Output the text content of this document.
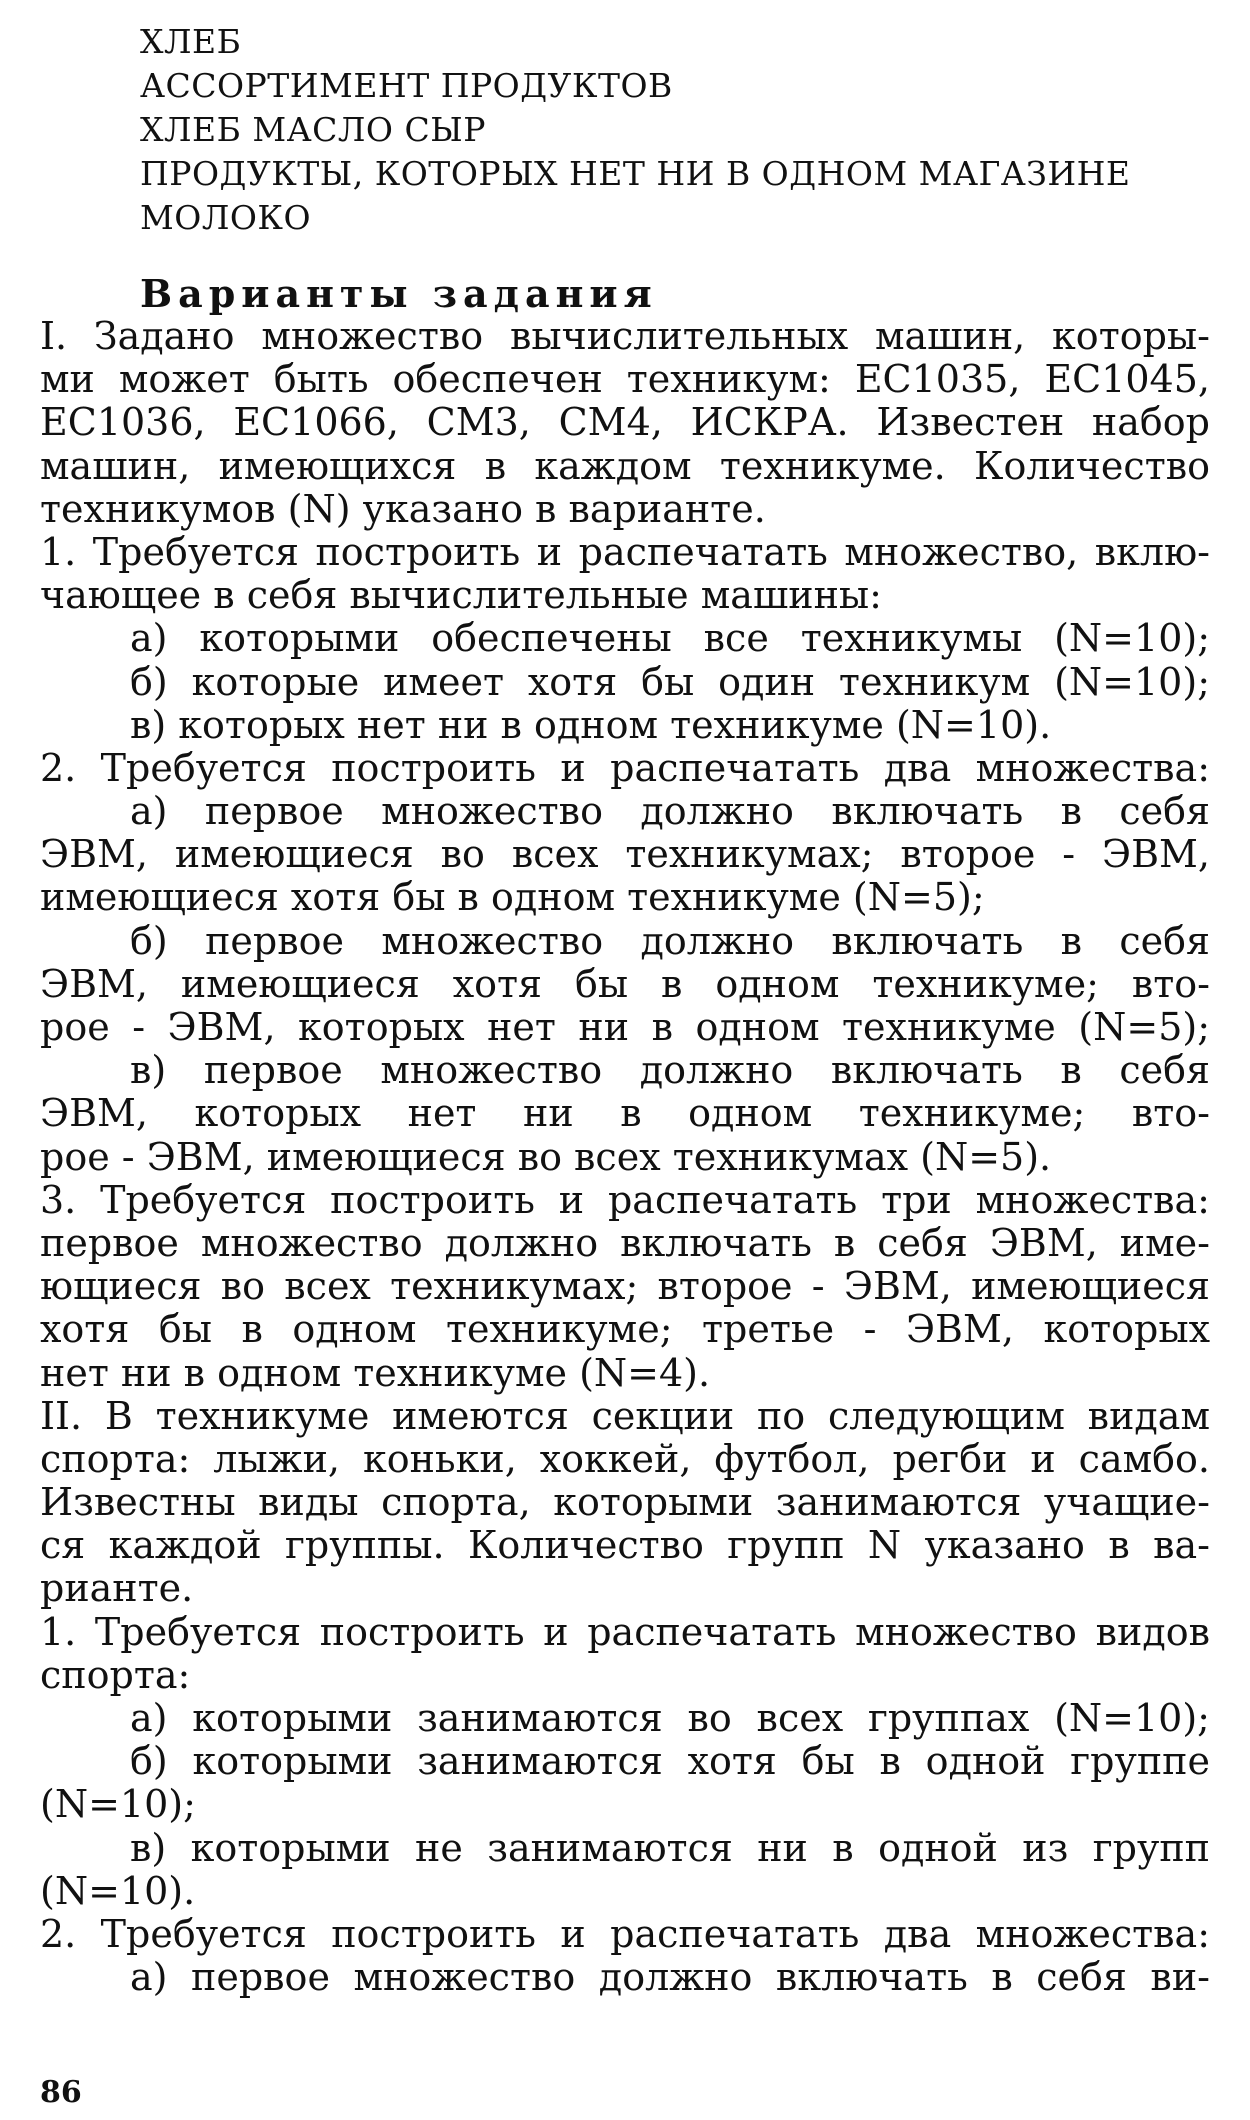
ХЛЕБ

АССОРТИМЕНТ ПРОДУКТОВ

ХЛЕБ МАСЛО СЫР

ПРОДУКТЫ, КОТОРЫХ НЕТ НИ В ОДНОМ МАГАЗИНЕ

МОЛОКО

Варианты задания
I. Задано множество вычислительных машин, которы-
ми может быть обеспечен техникум: ЕС1035, ЕС1045,
ЕС1036, ЕС1066, СМ3, СМ4, ИСКРА. Известен набор
машин, имеющихся в каждом техникуме. Количество
техникумов (N) указано в варианте.
1. Требуется построить и распечатать множество, вклю-
чающее в себя вычислительные машины:
а) которыми обеспечены все техникумы (N=10);
б) которые имеет хотя бы один техникум (N=10);
в) которых нет ни в одном техникуме (N=10).
2. Требуется построить и распечатать два множества:
а) первое множество должно включать в себя
ЭВМ, имеющиеся во всех техникумах; второе - ЭВМ,
имеющиеся хотя бы в одном техникуме (N=5);
б) первое множество должно включать в себя
ЭВМ, имеющиеся хотя бы в одном техникуме; вто-
рое - ЭВМ, которых нет ни в одном техникуме (N=5);
в) первое множество должно включать в себя
ЭВМ, которых нет ни в одном техникуме; вто-
рое - ЭВМ, имеющиеся во всех техникумах (N=5).
3. Требуется построить и распечатать три множества:
первое множество должно включать в себя ЭВМ, име-
ющиеся во всех техникумах; второе - ЭВМ, имеющиеся
хотя бы в одном техникуме; третье - ЭВМ, которых
нет ни в одном техникуме (N=4).
II. В техникуме имеются секции по следующим видам
спорта: лыжи, коньки, хоккей, футбол, регби и самбо.
Известны виды спорта, которыми занимаются учащие-
ся каждой группы. Количество групп N указано в ва-
рианте.
1. Требуется построить и распечатать множество видов
спорта:
а) которыми занимаются во всех группах (N=10);
б) которыми занимаются хотя бы в одной группе
(N=10);
в) которыми не занимаются ни в одной из групп
(N=10).
2. Требуется построить и распечатать два множества:
а) первое множество должно включать в себя ви-

86
